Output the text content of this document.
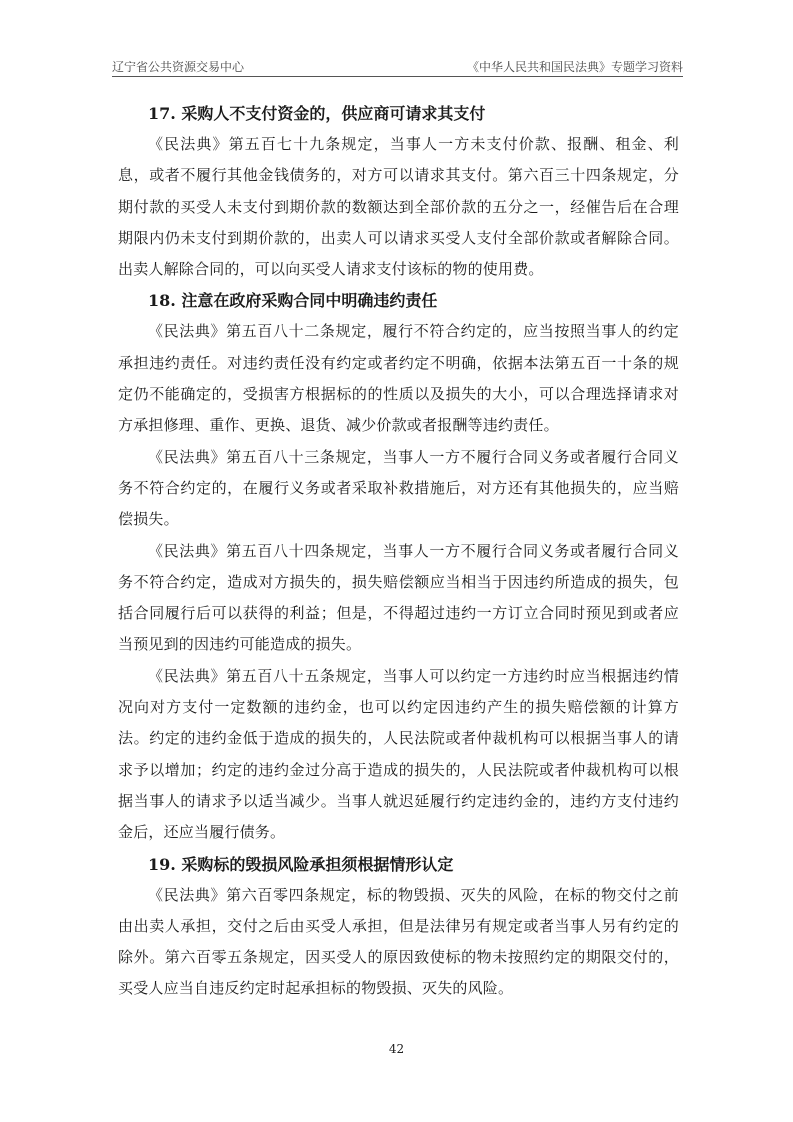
辽宁省公共资源交易中心	《中华人民共和国民法典》专题学习资料
17. 采购人不支付资金的，供应商可请求其支付

《民法典》第五百七十九条规定，当事人一方未支付价款、报酬、租金、利息，或者不履行其他金钱债务的，对方可以请求其支付。第六百三十四条规定，分期付款的买受人未支付到期价款的数额达到全部价款的五分之一，经催告后在合理期限内仍未支付到期价款的，出卖人可以请求买受人支付全部价款或者解除合同。出卖人解除合同的，可以向买受人请求支付该标的物的使用费。

18. 注意在政府采购合同中明确违约责任

《民法典》第五百八十二条规定，履行不符合约定的，应当按照当事人的约定承担违约责任。对违约责任没有约定或者约定不明确，依据本法第五百一十条的规定仍不能确定的，受损害方根据标的的性质以及损失的大小，可以合理选择请求对方承担修理、重作、更换、退货、减少价款或者报酬等违约责任。

《民法典》第五百八十三条规定，当事人一方不履行合同义务或者履行合同义务不符合约定的，在履行义务或者采取补救措施后，对方还有其他损失的，应当赔偿损失。

《民法典》第五百八十四条规定，当事人一方不履行合同义务或者履行合同义务不符合约定，造成对方损失的，损失赔偿额应当相当于因违约所造成的损失，包括合同履行后可以获得的利益；但是，不得超过违约一方订立合同时预见到或者应当预见到的因违约可能造成的损失。

《民法典》第五百八十五条规定，当事人可以约定一方违约时应当根据违约情况向对方支付一定数额的违约金，也可以约定因违约产生的损失赔偿额的计算方法。约定的违约金低于造成的损失的，人民法院或者仲裁机构可以根据当事人的请求予以增加；约定的违约金过分高于造成的损失的，人民法院或者仲裁机构可以根据当事人的请求予以适当减少。当事人就迟延履行约定违约金的，违约方支付违约金后，还应当履行债务。

19. 采购标的毁损风险承担须根据情形认定

《民法典》第六百零四条规定，标的物毁损、灭失的风险，在标的物交付之前由出卖人承担，交付之后由买受人承担，但是法律另有规定或者当事人另有约定的除外。第六百零五条规定，因买受人的原因致使标的物未按照约定的期限交付的，买受人应当自违反约定时起承担标的物毁损、灭失的风险。

42
